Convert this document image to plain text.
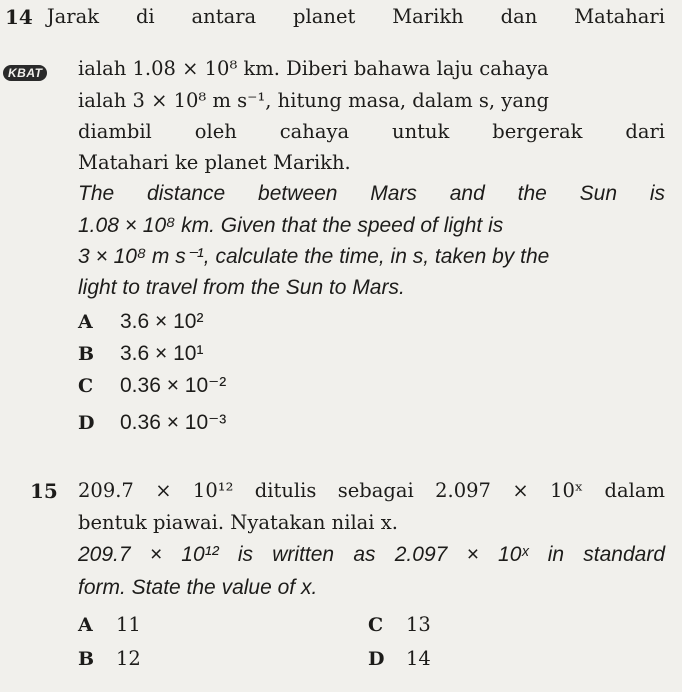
14 Jarak di antara planet Marikh dan Matahari
KBAT ialah 1.08 × 10⁸ km. Diberi bahawa laju cahaya
ialah 3 × 10⁸ m s⁻¹, hitung masa, dalam s, yang
diambil oleh cahaya untuk bergerak dari
Matahari ke planet Marikh.
The distance between Mars and the Sun is
1.08 × 10⁸ km. Given that the speed of light is
3 × 10⁸ m s⁻¹, calculate the time, in s, taken by the
light to travel from the Sun to Mars.
A 3.6 × 10²
B 3.6 × 10¹
C 0.36 × 10⁻²
D 0.36 × 10⁻³
15 209.7 × 10¹² ditulis sebagai 2.097 × 10ˣ dalam
bentuk piawai. Nyatakan nilai x.
209.7 × 10¹² is written as 2.097 × 10ˣ in standard
form. State the value of x.
A 11	C 13
B 12	D 14
